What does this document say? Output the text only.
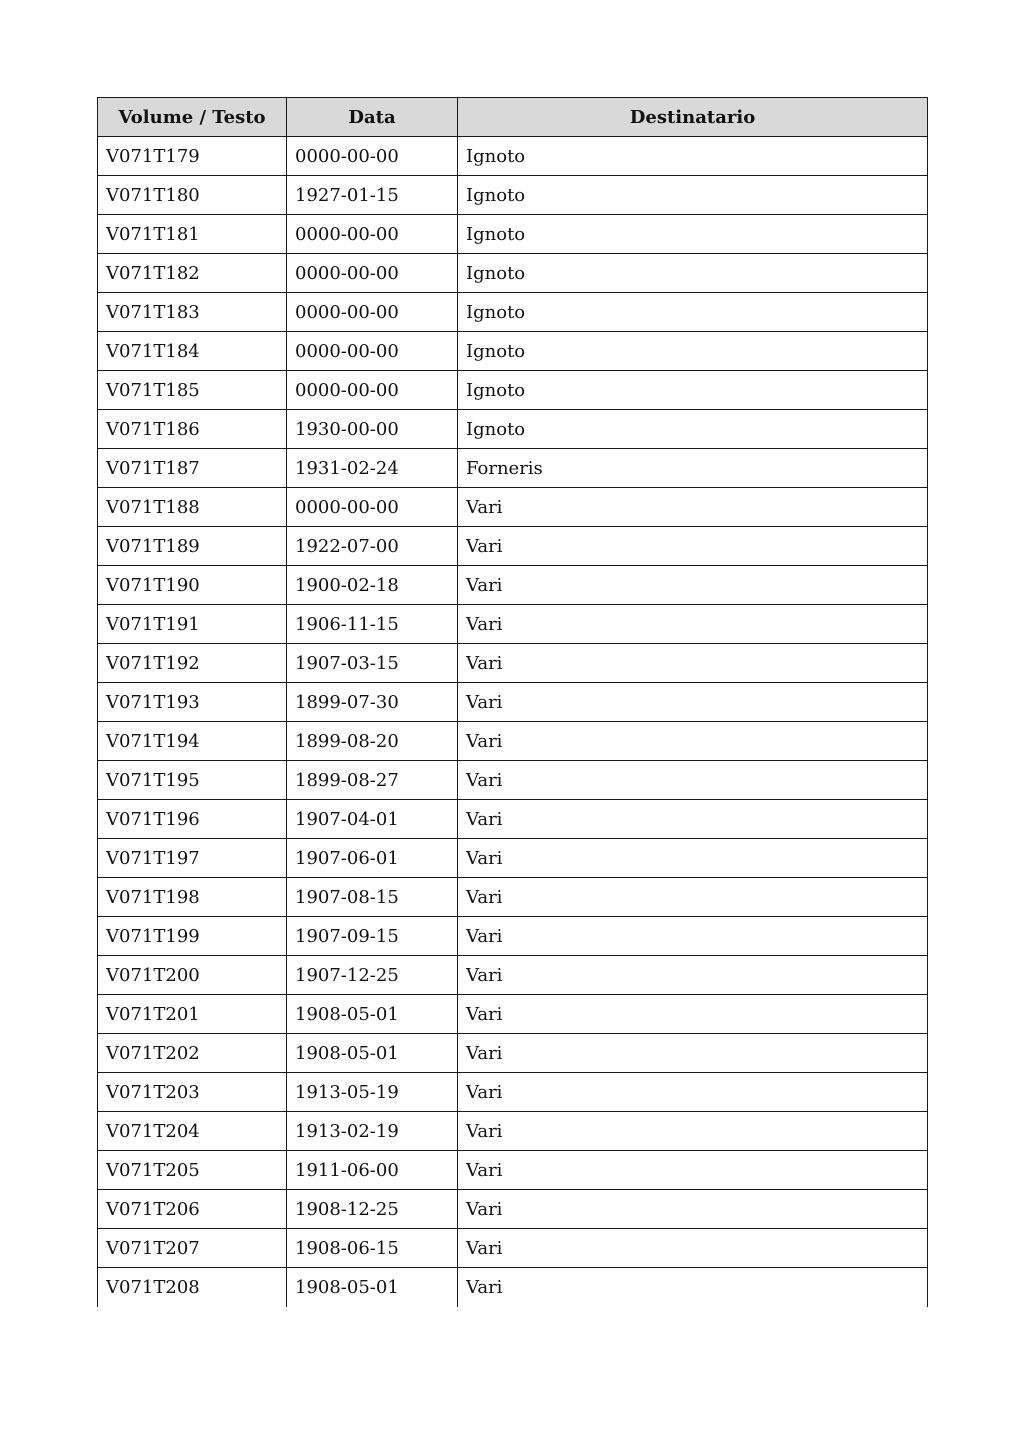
Volume / Testo	Data	Destinatario
V071T179	0000-00-00	Ignoto
V071T180	1927-01-15	Ignoto
V071T181	0000-00-00	Ignoto
V071T182	0000-00-00	Ignoto
V071T183	0000-00-00	Ignoto
V071T184	0000-00-00	Ignoto
V071T185	0000-00-00	Ignoto
V071T186	1930-00-00	Ignoto
V071T187	1931-02-24	Forneris
V071T188	0000-00-00	Vari
V071T189	1922-07-00	Vari
V071T190	1900-02-18	Vari
V071T191	1906-11-15	Vari
V071T192	1907-03-15	Vari
V071T193	1899-07-30	Vari
V071T194	1899-08-20	Vari
V071T195	1899-08-27	Vari
V071T196	1907-04-01	Vari
V071T197	1907-06-01	Vari
V071T198	1907-08-15	Vari
V071T199	1907-09-15	Vari
V071T200	1907-12-25	Vari
V071T201	1908-05-01	Vari
V071T202	1908-05-01	Vari
V071T203	1913-05-19	Vari
V071T204	1913-02-19	Vari
V071T205	1911-06-00	Vari
V071T206	1908-12-25	Vari
V071T207	1908-06-15	Vari
V071T208	1908-05-01	Vari
